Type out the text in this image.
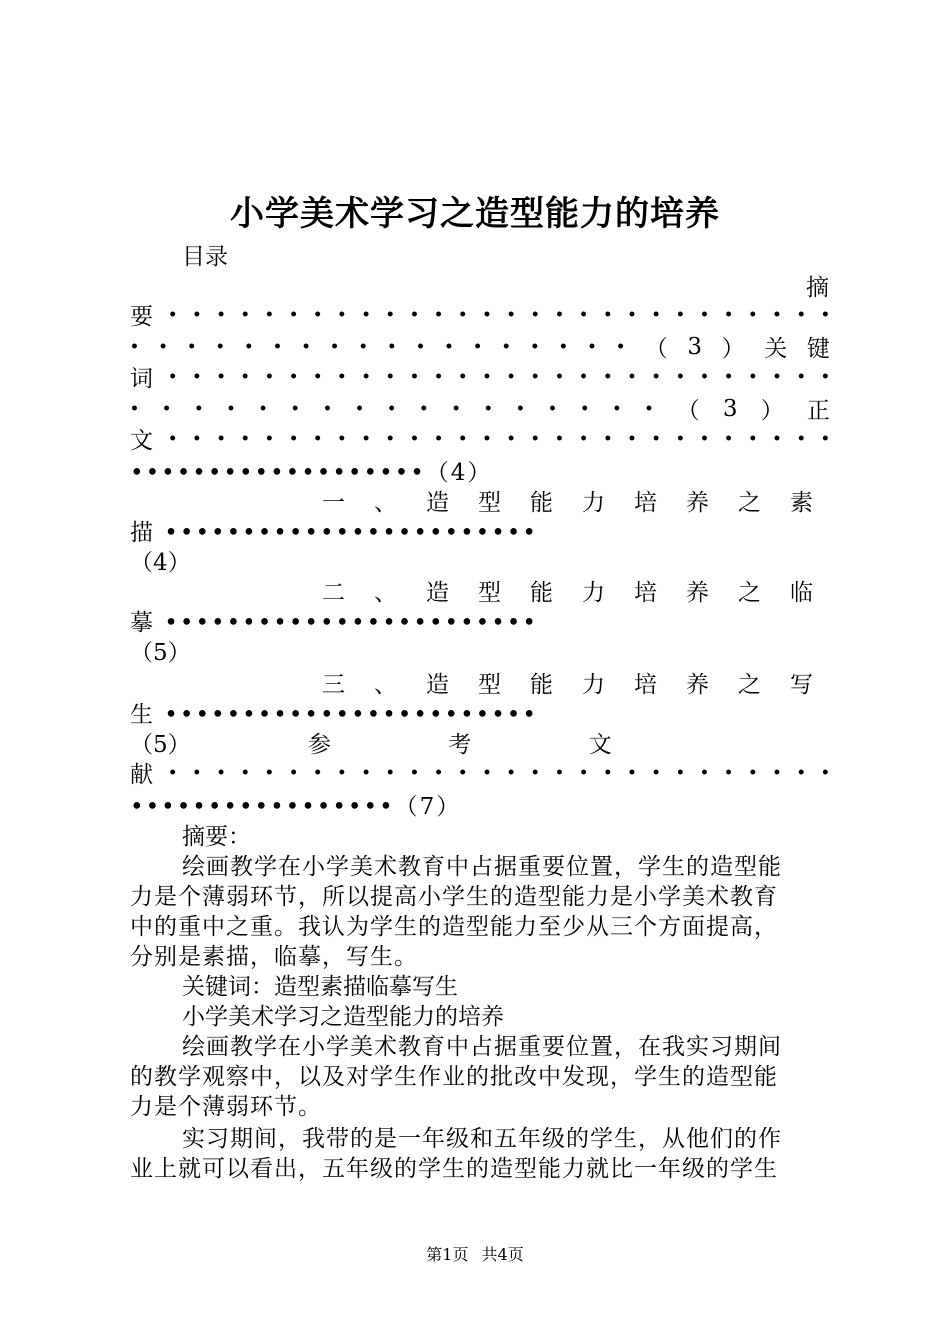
小学美术学习之造型能力的培养
目录
摘
要 • • • • • • • • • • • • • • • • • • • • • • • • • • • •
• • • • • • • • • • • • • • • • • • （ 3 ） 关 键
词 • • • • • • • • • • • • • • • • • • • • • • • • • • • •
• • • • • • • • • • • • • • • • • （ 3 ） 正
文 • • • • • • • • • • • • • • • • • • • • • • • • • • • •
•••••••••••••••••••（4）
一、造型能力培养之素
描 ••••••••••••••••••••••••
（4）
二、造型能力培养之临
摹 ••••••••••••••••••••••••
（5）
三、造型能力培养之写
生 ••••••••••••••••••••••••
（5） 参 考 文
献 • • • • • • • • • • • • • • • • • • • • • • • • • • • •
•••••••••••••••••（7）
摘要：
绘画教学在小学美术教育中占据重要位置，学生的造型能
力是个薄弱环节，所以提高小学生的造型能力是小学美术教育
中的重中之重。我认为学生的造型能力至少从三个方面提高，
分别是素描，临摹，写生。
关键词：造型素描临摹写生
小学美术学习之造型能力的培养
绘画教学在小学美术教育中占据重要位置，在我实习期间
的教学观察中，以及对学生作业的批改中发现，学生的造型能
力是个薄弱环节。
实习期间，我带的是一年级和五年级的学生，从他们的作
业上就可以看出，五年级的学生的造型能力就比一年级的学生
第1页 共4页
